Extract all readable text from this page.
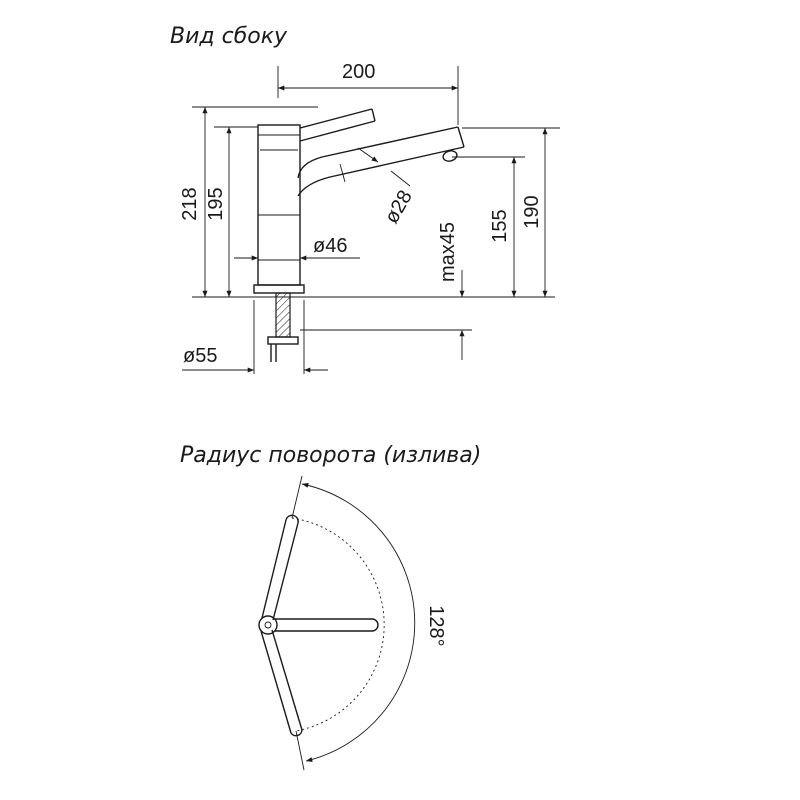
Вид сбоку
200
218 195	ø28
ø46
ø55
max45 155 190
Радиус поворота (излива)
128°
